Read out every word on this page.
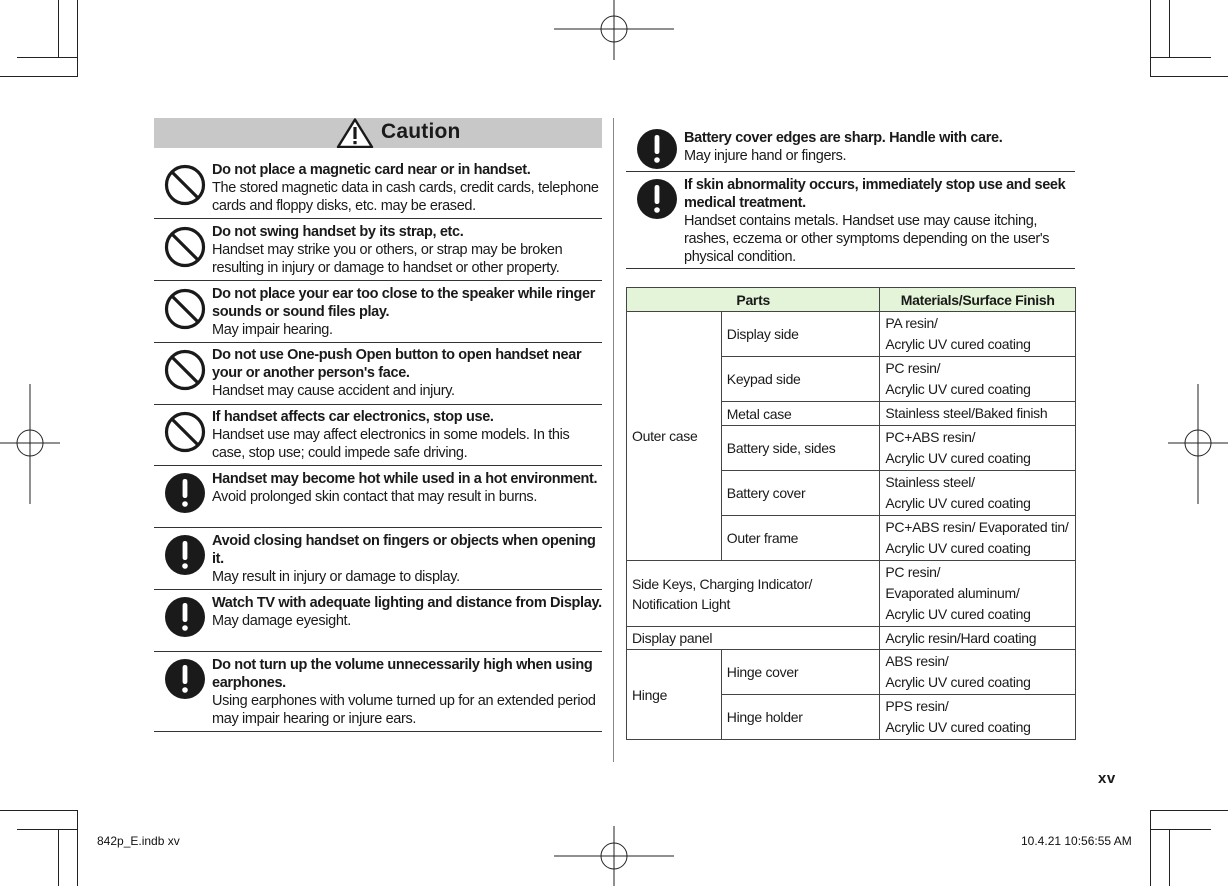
Caution
Do not place a magnetic card near or in handset.
The stored magnetic data in cash cards, credit cards, telephone cards and floppy disks, etc. may be erased.
Do not swing handset by its strap, etc.
Handset may strike you or others, or strap may be broken resulting in injury or damage to handset or other property.
Do not place your ear too close to the speaker while ringer sounds or sound files play.
May impair hearing.
Do not use One-push Open button to open handset near your or another person's face.
Handset may cause accident and injury.
If handset affects car electronics, stop use.
Handset use may affect electronics in some models. In this case, stop use; could impede safe driving.
Handset may become hot while used in a hot environment.
Avoid prolonged skin contact that may result in burns.
Avoid closing handset on fingers or objects when opening it.
May result in injury or damage to display.
Watch TV with adequate lighting and distance from Display.
May damage eyesight.
Do not turn up the volume unnecessarily high when using earphones.
Using earphones with volume turned up for an extended period may impair hearing or injure ears.
Battery cover edges are sharp. Handle with care.
May injure hand or fingers.
If skin abnormality occurs, immediately stop use and seek medical treatment.
Handset contains metals. Handset use may cause itching, rashes, eczema or other symptoms depending on the user's physical condition.
Parts		Materials/Surface Finish
Outer case	Display side	PA resin/
Acrylic UV cured coating

	Keypad side	PC resin/
Acrylic UV cured coating

	Metal case	Stainless steel/Baked finish

	Battery side, sides	PC+ABS resin/
Acrylic UV cured coating

	Battery cover	Stainless steel/
Acrylic UV cured coating

	Outer frame	PC+ABS resin/ Evaporated tin/
Acrylic UV cured coating

Side Keys, Charging Indicator/
Notification Light		PC resin/
Evaporated aluminum/
Acrylic UV cured coating

Display panel		Acrylic resin/Hard coating
Hinge	Hinge cover	ABS resin/
Acrylic UV cured coating

	Hinge holder	PPS resin/
Acrylic UV cured coating
xv
842p_E.indb xv	10.4.21 10:56:55 AM
